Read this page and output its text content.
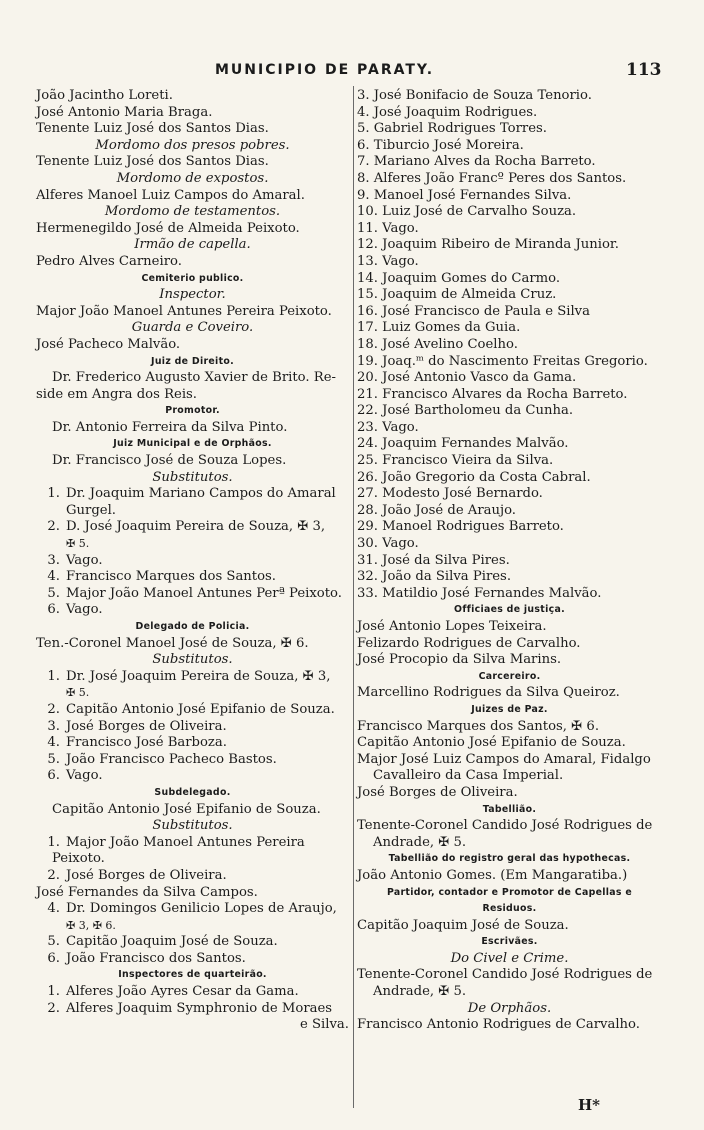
MUNICIPIO DE PARATY.	113
João Jacintho Loreti.
José Antonio Maria Braga.
Tenente Luiz José dos Santos Dias.
Mordomo dos presos pobres.
Tenente Luiz José dos Santos Dias.
Mordomo de expostos.
Alferes Manoel Luiz Campos do Amaral.
Mordomo de testamentos.
Hermenegildo José de Almeida Peixoto.
Irmão de capella.
Pedro Alves Carneiro.
Cemiterio publico.
Inspector.
Major João Manoel Antunes Pereira Peixoto.
Guarda e Coveiro.
José Pacheco Malvão.
Juiz de Direito.
Dr. Frederico Augusto Xavier de Brito. Re-
side em Angra dos Reis.
Promotor.
Dr. Antonio Ferreira da Silva Pinto.
Juiz Municipal e de Orphãos.
Dr. Francisco José de Souza Lopes.
Substitutos.
1. Dr. Joaquim Mariano Campos do Amaral
Gurgel.
2. D. José Joaquim Pereira de Souza, ✠ 3,
✠ 5.
3. Vago.
4. Francisco Marques dos Santos.
5. Major João Manoel Antunes Perª Peixoto.
6. Vago.
Delegado de Policia.
Ten.-Coronel Manoel José de Souza, ✠ 6.
Substitutos.
1. Dr. José Joaquim Pereira de Souza, ✠ 3,
✠ 5.
2. Capitão Antonio José Epifanio de Souza.
3. José Borges de Oliveira.
4. Francisco José Barboza.
5. João Francisco Pacheco Bastos.
6. Vago.
Subdelegado.
Capitão Antonio José Epifanio de Souza.
Substitutos.
1. Major João Manoel Antunes Pereira
Peixoto.
2. José Borges de Oliveira.
José Fernandes da Silva Campos.
4. Dr. Domingos Genilicio Lopes de Araujo,
✠ 3, ✠ 6.
5. Capitão Joaquim José de Souza.
6. João Francisco dos Santos.
Inspectores de quarteirão.
1. Alferes João Ayres Cesar da Gama.
2. Alferes Joaquim Symphronio de Moraes
e Silva.
3. José Bonifacio de Souza Tenorio.
4. José Joaquim Rodrigues.
5. Gabriel Rodrigues Torres.
6. Tiburcio José Moreira.
7. Mariano Alves da Rocha Barreto.
8. Alferes João Francº Peres dos Santos.
9. Manoel José Fernandes Silva.
10. Luiz José de Carvalho Souza.
11. Vago.
12. Joaquim Ribeiro de Miranda Junior.
13. Vago.
14. Joaquim Gomes do Carmo.
15. Joaquim de Almeida Cruz.
16. José Francisco de Paula e Silva
17. Luiz Gomes da Guia.
18. José Avelino Coelho.
19. Joaq.ᵐ do Nascimento Freitas Gregorio.
20. José Antonio Vasco da Gama.
21. Francisco Alvares da Rocha Barreto.
22. José Bartholomeu da Cunha.
23. Vago.
24. Joaquim Fernandes Malvão.
25. Francisco Vieira da Silva.
26. João Gregorio da Costa Cabral.
27. Modesto José Bernardo.
28. João José de Araujo.
29. Manoel Rodrigues Barreto.
30. Vago.
31. José da Silva Pires.
32. João da Silva Pires.
33. Matildio José Fernandes Malvão.
Officiaes de justiça.
José Antonio Lopes Teixeira.
Felizardo Rodrigues de Carvalho.
José Procopio da Silva Marins.
Carcereiro.
Marcellino Rodrigues da Silva Queiroz.
Juizes de Paz.
Francisco Marques dos Santos, ✠ 6.
Capitão Antonio José Epifanio de Souza.
Major José Luiz Campos do Amaral, Fidalgo
Cavalleiro da Casa Imperial.
José Borges de Oliveira.
Tabellião.
Tenente-Coronel Candido José Rodrigues de
Andrade, ✠ 5.
Tabellião do registro geral das hypothecas.
João Antonio Gomes. (Em Mangaratiba.)
Partidor, contador e Promotor de Capellas e
Residuos.
Capitão Joaquim José de Souza.
Escrivães.
Do Civel e Crime.
Tenente-Coronel Candido José Rodrigues de
Andrade, ✠ 5.
De Orphãos.
Francisco Antonio Rodrigues de Carvalho.
H*
